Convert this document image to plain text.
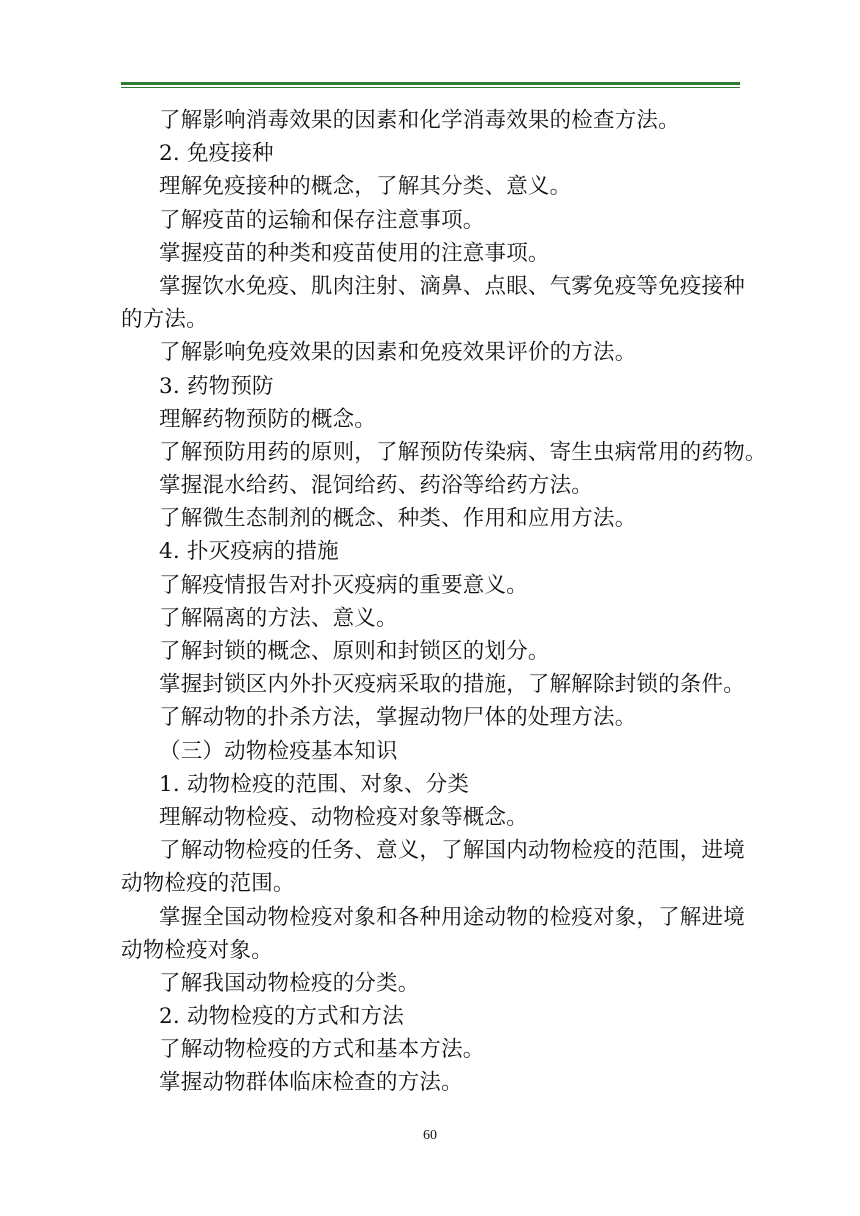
了解影响消毒效果的因素和化学消毒效果的检查方法。
2. 免疫接种
理解免疫接种的概念，了解其分类、意义。
了解疫苗的运输和保存注意事项。
掌握疫苗的种类和疫苗使用的注意事项。
掌握饮水免疫、肌肉注射、滴鼻、点眼、气雾免疫等免疫接种
的方法。
了解影响免疫效果的因素和免疫效果评价的方法。
3. 药物预防
理解药物预防的概念。
了解预防用药的原则，了解预防传染病、寄生虫病常用的药物。
掌握混水给药、混饲给药、药浴等给药方法。
了解微生态制剂的概念、种类、作用和应用方法。
4. 扑灭疫病的措施
了解疫情报告对扑灭疫病的重要意义。
了解隔离的方法、意义。
了解封锁的概念、原则和封锁区的划分。
掌握封锁区内外扑灭疫病采取的措施，了解解除封锁的条件。
了解动物的扑杀方法，掌握动物尸体的处理方法。
（三）动物检疫基本知识
1. 动物检疫的范围、对象、分类
理解动物检疫、动物检疫对象等概念。
了解动物检疫的任务、意义，了解国内动物检疫的范围，进境
动物检疫的范围。
掌握全国动物检疫对象和各种用途动物的检疫对象，了解进境
动物检疫对象。
了解我国动物检疫的分类。
2. 动物检疫的方式和方法
了解动物检疫的方式和基本方法。
掌握动物群体临床检查的方法。
60
